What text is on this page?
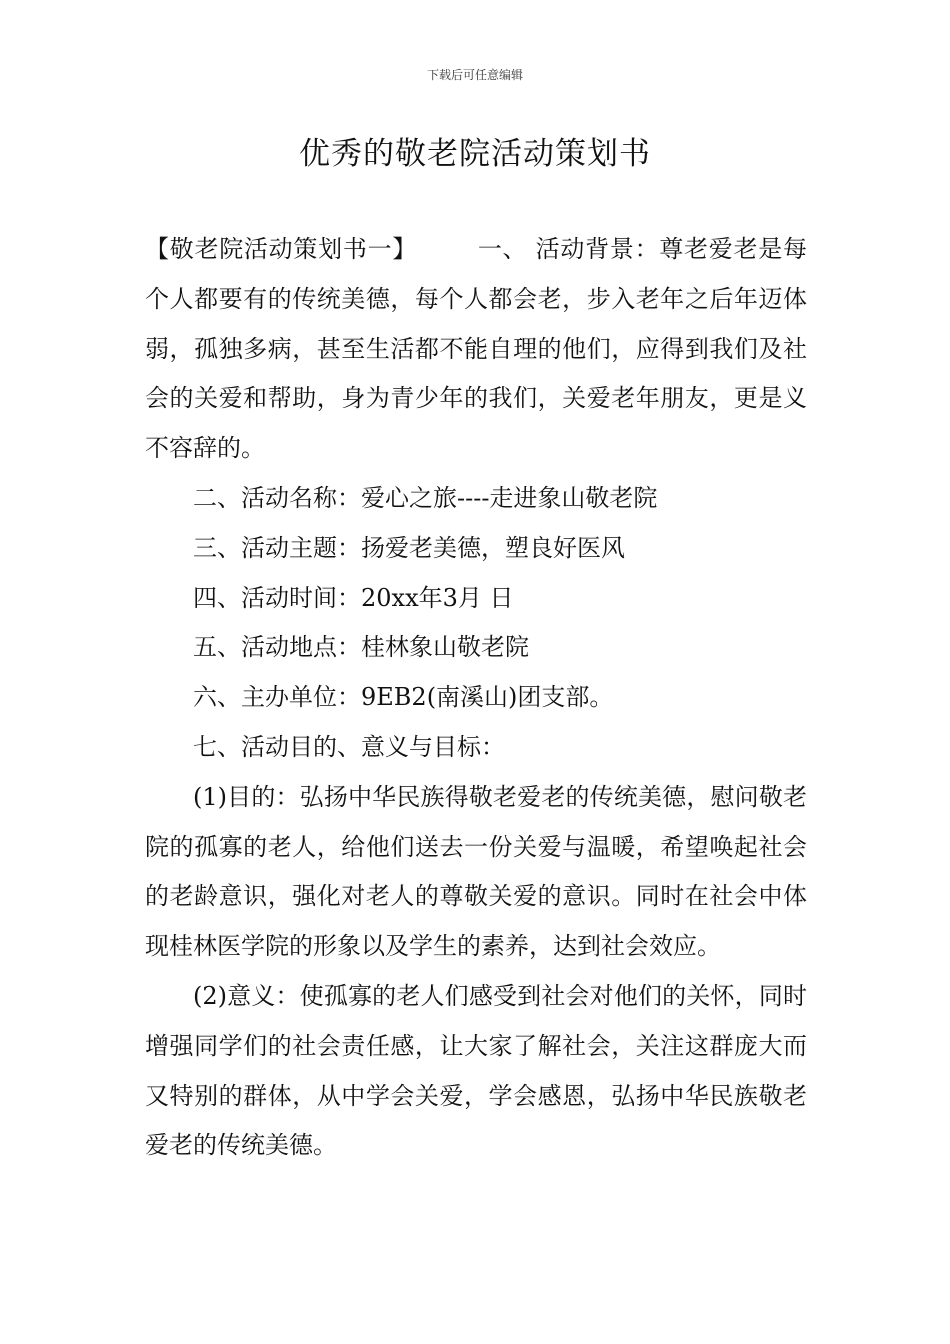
下载后可任意编辑
优秀的敬老院活动策划书

【敬老院活动策划书一】	一、 活动背景：尊老爱老是每个人都要有的传统美德，每个人都会老，步入老年之后年迈体弱，孤独多病，甚至生活都不能自理的他们，应得到我们及社会的关爱和帮助，身为青少年的我们，关爱老年朋友，更是义不容辞的。

二、活动名称：爱心之旅----走进象山敬老院

三、活动主题：扬爱老美德，塑良好医风

四、活动时间：20xx年3月 日

五、活动地点：桂林象山敬老院

六、主办单位：9EB2(南溪山)团支部。

七、活动目的、意义与目标：

(1)目的：弘扬中华民族得敬老爱老的传统美德，慰问敬老院的孤寡的老人，给他们送去一份关爱与温暖，希望唤起社会的老龄意识，强化对老人的尊敬关爱的意识。同时在社会中体现桂林医学院的形象以及学生的素养，达到社会效应。

(2)意义：使孤寡的老人们感受到社会对他们的关怀，同时增强同学们的社会责任感，让大家了解社会，关注这群庞大而又特别的群体，从中学会关爱，学会感恩，弘扬中华民族敬老爱老的传统美德。
